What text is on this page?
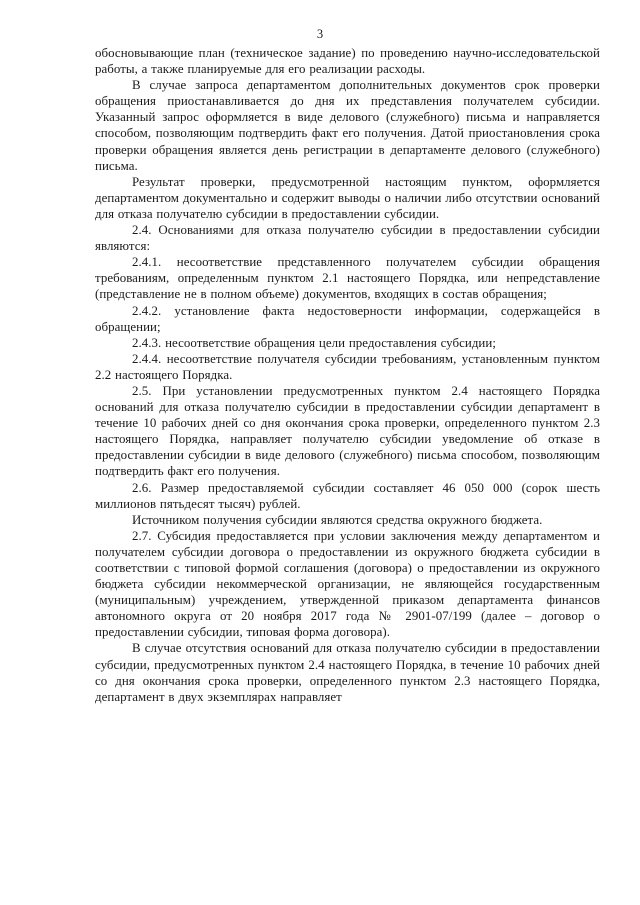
3

обосновывающие план (техническое задание) по проведению научно-исследовательской работы, а также планируемые для его реализации расходы.

В случае запроса департаментом дополнительных документов срок проверки обращения приостанавливается до дня их представления получателем субсидии. Указанный запрос оформляется в виде делового (служебного) письма и направляется способом, позволяющим подтвердить факт его получения. Датой приостановления срока проверки обращения является день регистрации в департаменте делового (служебного) письма.

Результат проверки, предусмотренной настоящим пунктом, оформляется департаментом документально и содержит выводы о наличии либо отсутствии оснований для отказа получателю субсидии в предоставлении субсидии.

2.4. Основаниями для отказа получателю субсидии в предоставлении субсидии являются:

2.4.1. несоответствие представленного получателем субсидии обращения требованиям, определенным пунктом 2.1 настоящего Порядка, или непредставление (представление не в полном объеме) документов, входящих в состав обращения;

2.4.2. установление факта недостоверности информации, содержащейся в обращении;

2.4.3. несоответствие обращения цели предоставления субсидии;

2.4.4. несоответствие получателя субсидии требованиям, установленным пунктом 2.2 настоящего Порядка.

2.5. При установлении предусмотренных пунктом 2.4 настоящего Порядка оснований для отказа получателю субсидии в предоставлении субсидии департамент в течение 10 рабочих дней со дня окончания срока проверки, определенного пунктом 2.3 настоящего Порядка, направляет получателю субсидии уведомление об отказе в предоставлении субсидии в виде делового (служебного) письма способом, позволяющим подтвердить факт его получения.

2.6. Размер предоставляемой субсидии составляет 46 050 000 (сорок шесть миллионов пятьдесят тысяч) рублей.

Источником получения субсидии являются средства окружного бюджета.

2.7. Субсидия предоставляется при условии заключения между департаментом и получателем субсидии договора о предоставлении из окружного бюджета субсидии в соответствии с типовой формой соглашения (договора) о предоставлении из окружного бюджета субсидии некоммерческой организации, не являющейся государственным (муниципальным) учреждением, утвержденной приказом департамента финансов автономного округа от 20 ноября 2017 года № 2901-07/199 (далее – договор о предоставлении субсидии, типовая форма договора).

В случае отсутствия оснований для отказа получателю субсидии в предоставлении субсидии, предусмотренных пунктом 2.4 настоящего Порядка, в течение 10 рабочих дней со дня окончания срока проверки, определенного пунктом 2.3 настоящего Порядка, департамент в двух экземплярах направляет
